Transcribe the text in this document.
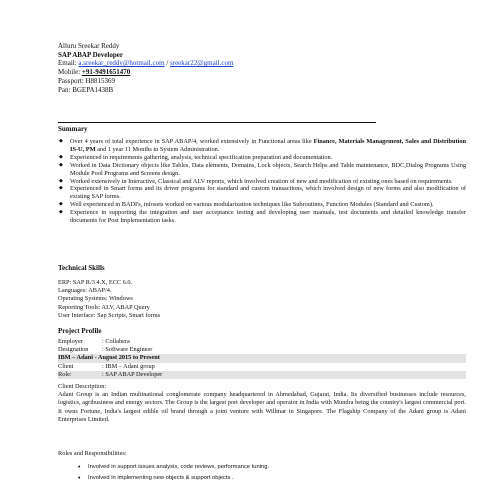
Alluru Sreekar Reddy
SAP ABAP Developer
Email: a.sreekar_reddy@hotmail.com / sreekar22@gmail.com
Mobile: +91-9491651470
Passport: H8815369
Pan: BGEPA1438B
Summary
◆ Over 4 years of total experience in SAP ABAP/4, worked extensively in Functional areas like Finance, Materials Management, Sales and Distribution IS-U, PM and 1 year 11 Months in System Administration.
◆ Experienced in requirements gathering, analysis, technical specification preparation and documentation.
◆ Worked in Data Dictionary objects like Tables, Data elements, Domains, Lock objects, Search Helps and Table maintenance, BDC,Dialog Programs Using Module Pool Programs and Screens design.
◆ Worked extensively in Interactive, Classical and ALV reports, which involved creation of new and modification of existing ones based on requirements.
◆ Experienced in Smart forms and its driver programs for standard and custom transactions, which involved design of new forms and also modification of existing SAP forms.
◆ Well experienced in BADI's, infosets worked on various modularization techniques like Subroutines, Function Modules (Standard and Custom).
◆ Experience in supporting the integration and user acceptance testing and developing user manuals, test documents and detailed knowledge transfer documents for Post Implementation tasks.
Technical Skills
ERP: SAP R/3 4.X, ECC 6.0.
Languages: ABAP/4.
Operating Systems: Windows
Reporting Tools: ALV, ABAP Query
User Interface: Sap Scripts, Smart forms
Project Profile
Employer	: Collabera
Designation	: Software Engineer
IBM – Adani - August 2015 to Present
Client	: IBM – Adani group
Role:	: SAP ABAP Developer
Client Description:
Adani Group is an Indian multinational conglomerate company headquartered in Ahmedabad, Gujarat, India. Its diversified businesses include resources, logistics, agribusiness and energy sectors. The Group is the largest port developer and operator in India with Mundra being the country's largest commercial port. It owns Fortune, India's largest edible oil brand through a joint venture with Willmar in Singapore. The Flagship Company of the Adani group is Adani Enterprises Limited.
Roles and Responsibilities:
• Involved in support issues analysis, code reviews, performance tuning.
• Involved in implementing new objects & support objects .
